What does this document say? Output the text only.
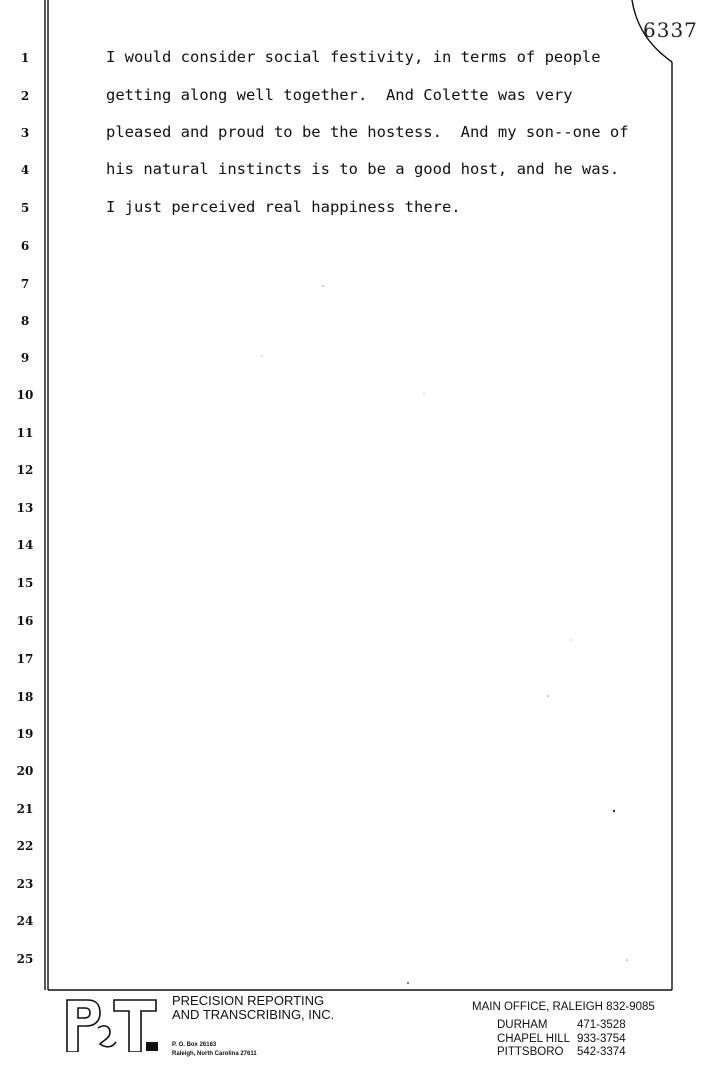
6337
1
2
3
4
5
6
7
8
9
10
11
12
13
14
15
16
17
18
19
20
21
22
23
24
25
I would consider social festivity, in terms of people
getting along well together.  And Colette was very
pleased and proud to be the hostess.  And my son--one of
his natural instincts is to be a good host, and he was.
I just perceived real happiness there.
PRECISION REPORTING
AND TRANSCRIBING, INC.
P. O. Box 26163
Raleigh, North Carolina 27611
MAIN OFFICE, RALEIGH 832-9085
DURHAM	471-3528
CHAPEL HILL 933-3754
PITTSBORO	542-3374
